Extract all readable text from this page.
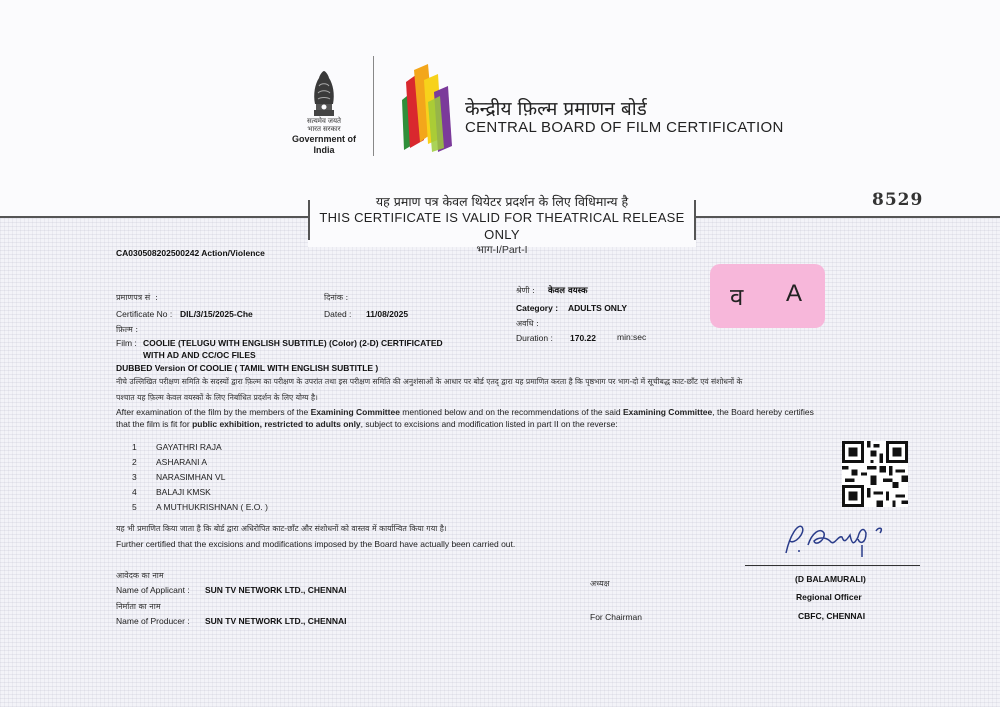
सत्यमेव जयते
भारत सरकार
Government of India
केन्द्रीय फ़िल्म प्रमाणन बोर्ड
CENTRAL BOARD OF FILM CERTIFICATION
यह प्रमाण पत्र केवल थियेटर प्रदर्शन के लिए विधिमान्य है
THIS CERTIFICATE IS VALID FOR THEATRICAL RELEASE ONLY
भाग-I/Part-I
8529
CA030508202500242 Action/Violence
प्रमाणपत्र सं  :
Certificate No : DIL/3/15/2025-Che
दिनांक :
Dated : 11/08/2025
श्रेणी : केवल वयस्क
Category : ADULTS ONLY
अवधि :
Duration : 170.22 min:sec
व A
फ़िल्म :
Film : COOLIE (TELUGU WITH ENGLISH SUBTITLE) (Color) (2-D) CERTIFICATED
WITH AD AND CC/OC FILES
DUBBED Version Of COOLIE ( TAMIL WITH ENGLISH SUBTITLE )
नीचे उल्लिखित परीक्षण समिति के सदस्यों द्वारा फ़िल्म का परीक्षण के उपरांत तथा इस परीक्षण समिति की अनुशंसाओं के आधार पर बोर्ड एतद् द्वारा यह प्रमाणित करता है कि पृष्ठभाग पर भाग-दो में सूचीबद्ध काट-छाँट एवं संशोधनों के
पश्चात यह फ़िल्म केवल वयस्कों के लिए निर्बाधित प्रदर्शन के लिए योग्य है।
After examination of the film by the members of the Examining Committee mentioned below and on the recommendations of the said Examining Committee, the Board hereby certifies
that the film is fit for public exhibition, restricted to adults only, subject to excisions and modification listed in part II on the reverse:
1 GAYATHRI RAJA
2 ASHARANI A
3 NARASIMHAN VL
4 BALAJI KMSK
5 A MUTHUKRISHNAN ( E.O. )
यह भी प्रमाणित किया जाता है कि बोर्ड द्वारा अधिरोपित काट-छाँट और संशोधनों को वास्तव में कार्यान्वित किया गया है।
Further certified that the excisions and modifications imposed by the Board have actually been carried out.
आवेदक का नाम
Name of Applicant : SUN TV NETWORK LTD., CHENNAI
निर्माता का नाम
Name of Producer : SUN TV NETWORK LTD., CHENNAI
अध्यक्ष
For Chairman
(D BALAMURALI)
Regional Officer
CBFC, CHENNAI
